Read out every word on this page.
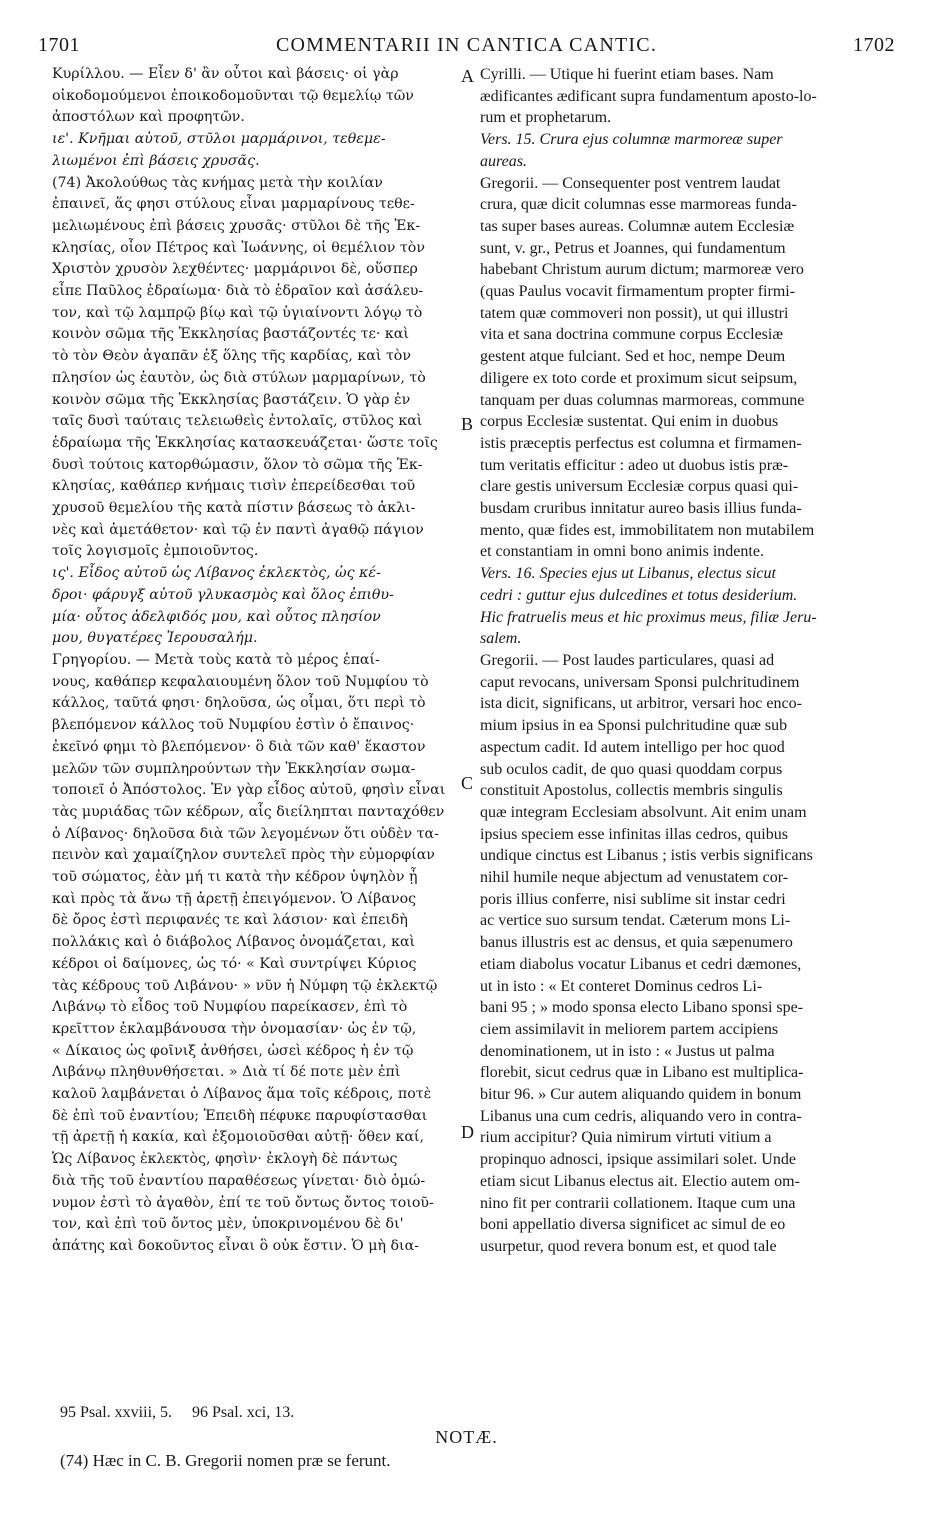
1701	COMMENTARII IN CANTICA CANTIC.	1702
Κυρίλλου. — Εἶεν δ' ἂν οὗτοι καὶ βάσεις· οἱ γὰρ
οἰκοδομούμενοι ἐποικοδομοῦνται τῷ θεμελίῳ τῶν
ἀποστόλων καὶ προφητῶν.
ιε'. Κνῆμαι αὐτοῦ, στῦλοι μαρμάρινοι, τεθεμε-
λιωμένοι ἐπὶ βάσεις χρυσᾶς.
(74) Ἀκολούθως τὰς κνήμας μετὰ τὴν κοιλίαν
ἐπαινεῖ, ἅς φησι στύλους εἶναι μαρμαρίνους τεθε-
μελιωμένους ἐπὶ βάσεις χρυσᾶς· στῦλοι δὲ τῆς Ἐκ-
κλησίας, οἷον Πέτρος καὶ Ἰωάννης, οἱ θεμέλιον τὸν
Χριστὸν χρυσὸν λεχθέντες· μαρμάρινοι δὲ, οὕσπερ
εἶπε Παῦλος ἑδραίωμα· διὰ τὸ ἑδραῖον καὶ ἀσάλευ-
τον, καὶ τῷ λαμπρῷ βίῳ καὶ τῷ ὑγιαίνοντι λόγῳ τὸ
κοινὸν σῶμα τῆς Ἐκκλησίας βαστάζοντές τε· καὶ
τὸ τὸν Θεὸν ἀγαπᾶν ἐξ ὅλης τῆς καρδίας, καὶ τὸν
πλησίον ὡς ἑαυτὸν, ὡς διὰ στύλων μαρμαρίνων, τὸ
κοινὸν σῶμα τῆς Ἐκκλησίας βαστάζειν. Ὁ γὰρ ἐν
ταῖς δυσὶ ταύταις τελειωθεὶς ἐντολαῖς, στῦλος καὶ
ἑδραίωμα τῆς Ἐκκλησίας κατασκευάζεται· ὥστε τοῖς
δυσὶ τούτοις κατορθώμασιν, ὅλον τὸ σῶμα τῆς Ἐκ-
κλησίας, καθάπερ κνήμαις τισὶν ἐπερείδεσθαι τοῦ
χρυσοῦ θεμελίου τῆς κατὰ πίστιν βάσεως τὸ ἀκλι-
νὲς καὶ ἀμετάθετον· καὶ τῷ ἐν παντὶ ἀγαθῷ πάγιον
τοῖς λογισμοῖς ἐμποιοῦντος.
ις'. Εἶδος αὐτοῦ ὡς Λίβανος ἐκλεκτὸς, ὡς κέ-
δροι· φάρυγξ αὐτοῦ γλυκασμὸς καὶ ὅλος ἐπιθυ-
μία· οὗτος ἀδελφιδός μου, καὶ οὗτος πλησίον
μου, θυγατέρες Ἰερουσαλήμ.
Γρηγορίου. — Μετὰ τοὺς κατὰ τὸ μέρος ἐπαί-
νους, καθάπερ κεφαλαιουμένη ὅλον τοῦ Νυμφίου τὸ
κάλλος, ταῦτά φησι· δηλοῦσα, ὡς οἶμαι, ὅτι περὶ τὸ
βλεπόμενον κάλλος τοῦ Νυμφίου ἐστὶν ὁ ἔπαινος·
ἐκεῖνό φημι τὸ βλεπόμενον· ὃ διὰ τῶν καθ' ἕκαστον
μελῶν τῶν συμπληρούντων τὴν Ἐκκλησίαν σωμα-
τοποιεῖ ὁ Ἀπόστολος. Ἐν γὰρ εἶδος αὐτοῦ, φησὶν εἶναι
τὰς μυριάδας τῶν κέδρων, αἷς διείληπται πανταχόθεν
ὁ Λίβανος· δηλοῦσα διὰ τῶν λεγομένων ὅτι οὐδὲν τα-
πεινὸν καὶ χαμαίζηλον συντελεῖ πρὸς τὴν εὐμορφίαν
τοῦ σώματος, ἐὰν μή τι κατὰ τὴν κέδρον ὑψηλὸν ᾖ
καὶ πρὸς τὰ ἄνω τῇ ἀρετῇ ἐπειγόμενον. Ὁ Λίβανος
δὲ ὄρος ἐστὶ περιφανές τε καὶ λάσιον· καὶ ἐπειδὴ
πολλάκις καὶ ὁ διάβολος Λίβανος ὀνομάζεται, καὶ
κέδροι οἱ δαίμονες, ὡς τό· « Καὶ συντρίψει Κύριος
τὰς κέδρους τοῦ Λιβάνου· » νῦν ἡ Νύμφη τῷ ἐκλεκτῷ
Λιβάνῳ τὸ εἶδος τοῦ Νυμφίου παρείκασεν, ἐπὶ τὸ
κρεῖττον ἐκλαμβάνουσα τὴν ὀνομασίαν· ὡς ἐν τῷ,
« Δίκαιος ὡς φοῖνιξ ἀνθήσει, ὡσεὶ κέδρος ἡ ἐν τῷ
Λιβάνῳ πληθυνθήσεται. » Διὰ τί δέ ποτε μὲν ἐπὶ
καλοῦ λαμβάνεται ὁ Λίβανος ἅμα τοῖς κέδροις, ποτὲ
δὲ ἐπὶ τοῦ ἐναντίου; Ἐπειδὴ πέφυκε παρυφίστασθαι
τῇ ἀρετῇ ἡ κακία, καὶ ἐξομοιοῦσθαι αὐτῇ· ὅθεν καί,
Ὡς Λίβανος ἐκλεκτὸς, φησὶν· ἐκλογὴ δὲ πάντως
διὰ τῆς τοῦ ἐναντίου παραθέσεως γίνεται· διὸ ὁμώ-
νυμον ἐστὶ τὸ ἀγαθὸν, ἐπί τε τοῦ ὄντως ὄντος τοιοῦ-
τον, καὶ ἐπὶ τοῦ ὄντος μὲν, ὑποκρινομένου δὲ δι'
ἀπάτης καὶ δοκοῦντος εἶναι ὃ οὐκ ἔστιν. Ὁ μὴ δια-
Cyrilli. — Utique hi fuerint etiam bases. Nam
ædificantes ædificant supra fundamentum aposto-lo-
rum et prophetarum.
Vers. 15. Crura ejus columnæ marmoreæ super
aureas.
Gregorii. — Consequenter post ventrem laudat
crura, quæ dicit columnas esse marmoreas funda-
tas super bases aureas. Columnæ autem Ecclesiæ
sunt, v. gr., Petrus et Joannes, qui fundamentum
habebant Christum aurum dictum; marmoreæ vero
(quas Paulus vocavit firmamentum propter firmi-
tatem quæ commoveri non possit), ut qui illustri
vita et sana doctrina commune corpus Ecclesiæ
gestent atque fulciant. Sed et hoc, nempe Deum
diligere ex toto corde et proximum sicut seipsum,
tanquam per duas columnas marmoreas, commune
corpus Ecclesiæ sustentat. Qui enim in duobus
istis præceptis perfectus est columna et firmamen-
tum veritatis efficitur : adeo ut duobus istis præ-
clare gestis universum Ecclesiæ corpus quasi qui-
busdam cruribus innitatur aureo basis illius funda-
mento, quæ fides est, immobilitatem non mutabilem
et constantiam in omni bono animis indente.
Vers. 16. Species ejus ut Libanus, electus sicut
cedri : guttur ejus dulcedines et totus desiderium.
Hic fratruelis meus et hic proximus meus, filiæ Jeru-
salem.
Gregorii. — Post laudes particulares, quasi ad
caput revocans, universam Sponsi pulchritudinem
ista dicit, significans, ut arbitror, versari hoc enco-
mium ipsius in ea Sponsi pulchritudine quæ sub
aspectum cadit. Id autem intelligo per hoc quod
sub oculos cadit, de quo quasi quoddam corpus
constituit Apostolus, collectis membris singulis
quæ integram Ecclesiam absolvunt. Ait enim unam
ipsius speciem esse infinitas illas cedros, quibus
undique cinctus est Libanus ; istis verbis significans
nihil humile neque abjectum ad venustatem cor-
poris illius conferre, nisi sublime sit instar cedri
ac vertice suo sursum tendat. Cæterum mons Li-
banus illustris est ac densus, et quia sæpenumero
etiam diabolus vocatur Libanus et cedri dæmones,
ut in isto : « Et conteret Dominus cedros Li-
bani 95 ; » modo sponsa electo Libano sponsi spe-
ciem assimilavit in meliorem partem accipiens
denominationem, ut in isto : « Justus ut palma
florebit, sicut cedrus quæ in Libano est multiplica-
bitur 96. » Cur autem aliquando quidem in bonum
Libanus una cum cedris, aliquando vero in contra-
rium accipitur? Quia nimirum virtuti vitium a
propinquo adnosci, ipsique assimilari solet. Unde
etiam sicut Libanus electus ait. Electio autem om-
nino fit per contrarii collationem. Itaque cum una
boni appellatio diversa significet ac simul de eo
usurpetur, quod revera bonum est, et quod tale
A
B
C
D
95 Psal. xxviii, 5. 96 Psal. xci, 13.
NOTÆ.
(74) Hæc in C. B. Gregorii nomen præ se ferunt.
